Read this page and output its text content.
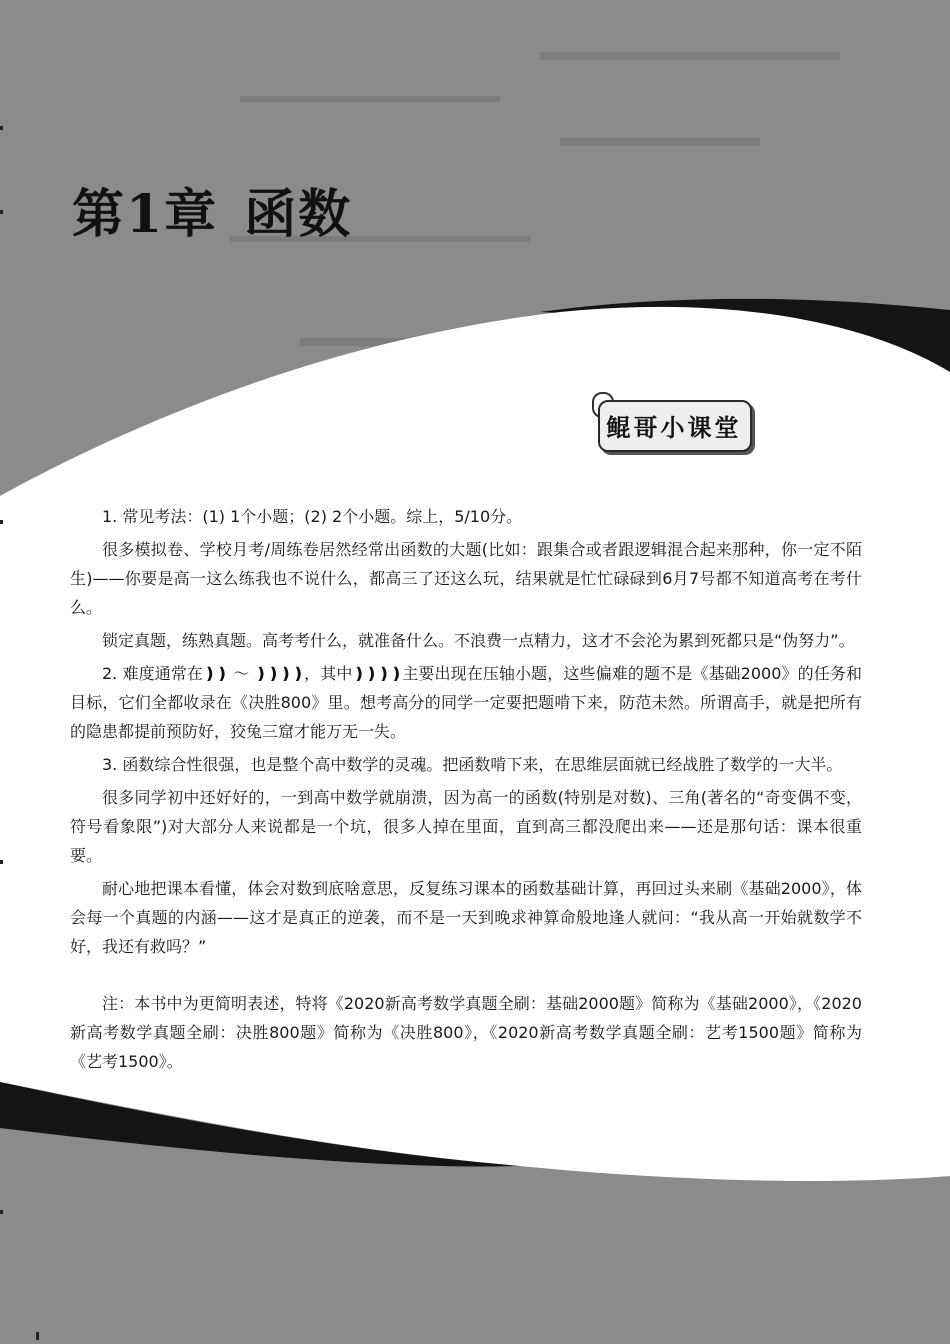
第1章 函数
鲲哥小课堂

1. 常见考法：(1) 1个小题；(2) 2个小题。综上，5/10分。

很多模拟卷、学校月考/周练卷居然经常出函数的大题(比如：跟集合或者跟逻辑混合起来那种，你一定不陌生)——你要是高一这么练我也不说什么，都高三了还这么玩，结果就是忙忙碌碌到6月7号都不知道高考在考什么。

锁定真题，练熟真题。高考考什么，就准备什么。不浪费一点精力，这才不会沦为累到死都只是“伪努力”。

2. 难度通常在❫❫ ～ ❫❫❫❫，其中❫❫❫❫主要出现在压轴小题，这些偏难的题不是《基础2000》的任务和目标，它们全都收录在《决胜800》里。想考高分的同学一定要把题啃下来，防范未然。所谓高手，就是把所有的隐患都提前预防好，狡兔三窟才能万无一失。

3. 函数综合性很强，也是整个高中数学的灵魂。把函数啃下来，在思维层面就已经战胜了数学的一大半。

很多同学初中还好好的，一到高中数学就崩溃，因为高一的函数(特别是对数)、三角(著名的“奇变偶不变，符号看象限”)对大部分人来说都是一个坑，很多人掉在里面，直到高三都没爬出来——还是那句话：课本很重要。

耐心地把课本看懂，体会对数到底啥意思，反复练习课本的函数基础计算，再回过头来刷《基础2000》，体会每一个真题的内涵——这才是真正的逆袭，而不是一天到晚求神算命般地逢人就问：“我从高一开始就数学不好，我还有救吗？”

注：本书中为更简明表述，特将《2020新高考数学真题全刷：基础2000题》简称为《基础2000》，《2020新高考数学真题全刷：决胜800题》简称为《决胜800》，《2020新高考数学真题全刷：艺考1500题》简称为《艺考1500》。
